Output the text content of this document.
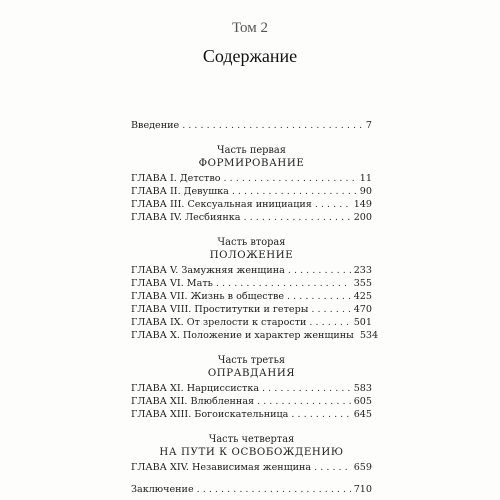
Том 2
Содержание
Введение . . .	7
Часть первая
ФОРМИРОВАНИЕ
ГЛАВА I. Детство . . .	11
ГЛАВА II. Девушка . . .	90
ГЛАВА III. Сексуальная инициация . . .	149
ГЛАВА IV. Лесбиянка . . .	200
Часть вторая
ПОЛОЖЕНИЕ
ГЛАВА V. Замужняя женщина . . .	233
ГЛАВА VI. Мать . . .	355
ГЛАВА VII. Жизнь в обществе . . .	425
ГЛАВА VIII. Проститутки и гетеры . . .	470
ГЛАВА IX. От зрелости к старости . . .	501
ГЛАВА X. Положение и характер женщины 534
Часть третья
ОПРАВДАНИЯ
ГЛАВА XI. Нарциссистка . . .	583
ГЛАВА XII. Влюбленная . . .	605
ГЛАВА XIII. Богоискательница . . .	645
Часть четвертая
НА ПУТИ К ОСВОБОЖДЕНИЮ
ГЛАВА XIV. Независимая женщина . . .	659
Заключение . . .	710
